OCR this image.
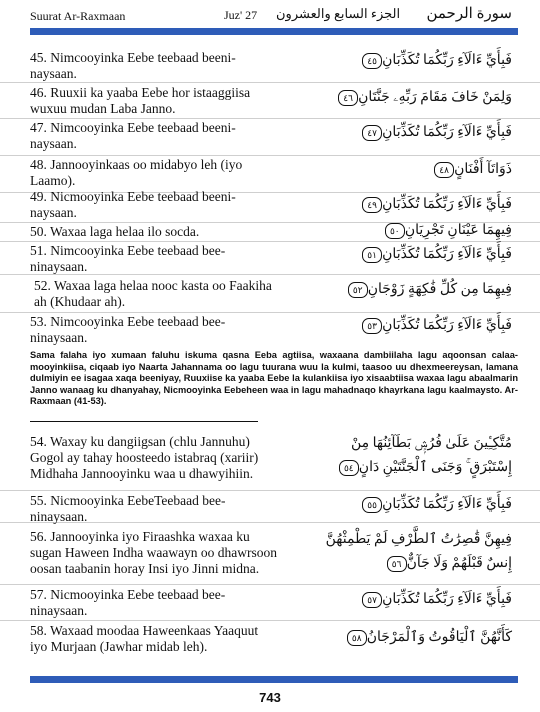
Suurat Ar-Raxmaan	Juz' 27 الجزء السابع والعشرون سورة الرحمن
45. Nimcooyinka Eebe teebaad beeninaysaan.
فَبِأَيِّ ءَالَآءِ رَبِّكُمَا تُكَذِّبَانِ٤٥
46. Ruuxii ka yaaba Eebe hor istaaggiisa wuxuu mudan Laba Janno.
وَلِمَنْ خَافَ مَقَامَ رَبِّهِۦ جَنَّتَانِ٤٦
47. Nimcooyinka Eebe teebaad beeninaysaan.
فَبِأَيِّ ءَالَآءِ رَبِّكُمَا تُكَذِّبَانِ٤٧
48. Jannooyinkaas oo midabyo leh (iyo Laamo).
ذَوَاتَآ أَفْنَانٍ٤٨
49. Nicmooyinka Eebe teebaad beeninaysaan.
فَبِأَيِّ ءَالَآءِ رَبِّكُمَا تُكَذِّبَانِ٤٩
50. Waxaa laga helaa ilo socda.	فِيهِمَا عَيْنَانِ تَجْرِيَانِ٥٠
51. Nimcooyinka Eebe teebaad beeninaysaan.
فَبِأَيِّ ءَالَآءِ رَبِّكُمَا تُكَذِّبَانِ٥١
52. Waxaa laga helaa nooc kasta oo Faakiha ah (Khudaar ah).
فِيهِمَا مِن كُلِّ فَٰكِهَةٍ زَوْجَانِ٥٢
53. Nimcooyinka Eebe teebaad beeninaysaan.
فَبِأَيِّ ءَالَآءِ رَبِّكُمَا تُكَذِّبَانِ٥٣
Sama falaha iyo xumaan faluhu iskuma qasna Eeba agtiisa, waxaana dambiilaha lagu aqoonsan calaamooyinkiisa, ciqaab iyo Naarta Jahannama oo lagu tuurana wuu la kulmi, taasoo uu dhexmeereysan, lamana dulmiyin ee isagaa xaqa beeniyay, Ruuxiise ka yaaba Eebe la kulankiisa iyo xisaabtiisa waxaa lagu abaalmarin Janno wanaag ku dhanyahay, Nicmooyinka Eebeheen waa in lagu mahadnaqo khayrkana lagu kaalmaysto. Ar-Raxmaan (41-53).
54. Waxay ku dangiigsan (chlu Jannuhu) Gogol ay tahay hoosteedo istabraq (xariir) Midhaha Jannooyinku waa u dhawyihiin.
مُتَّكِـِٔينَ عَلَىٰ فُرُشٍۭ بَطَآئِنُهَا مِنْ إِسْتَبْرَقٍ ۚ وَجَنَى ٱلْجَنَّتَيْنِ دَانٍ٥٤
55. Nicmooyinka EebeTeebaad beeninaysaan.
فَبِأَيِّ ءَالَآءِ رَبِّكُمَا تُكَذِّبَانِ٥٥
56. Jannooyinka iyo Firaashka waxaa ku sugan Haween Indha waawayn oo dhawrsoon oosan taabanin horay Insi iyo Jinni midna.
فِيهِنَّ قَٰصِرَٰتُ ٱلطَّرْفِ لَمْ يَطْمِثْهُنَّ إِنسٌ قَبْلَهُمْ وَلَا جَآنٌّ٥٦
57. Nicmooyinka Eebe teebaad beeninaysaan.
فَبِأَيِّ ءَالَآءِ رَبِّكُمَا تُكَذِّبَانِ٥٧
58. Waxaad moodaa Haweenkaas Yaaquut iyo Murjaan (Jawhar midab leh).
كَأَنَّهُنَّ ٱلْيَاقُوتُ وَٱلْمَرْجَانُ٥٨
743
